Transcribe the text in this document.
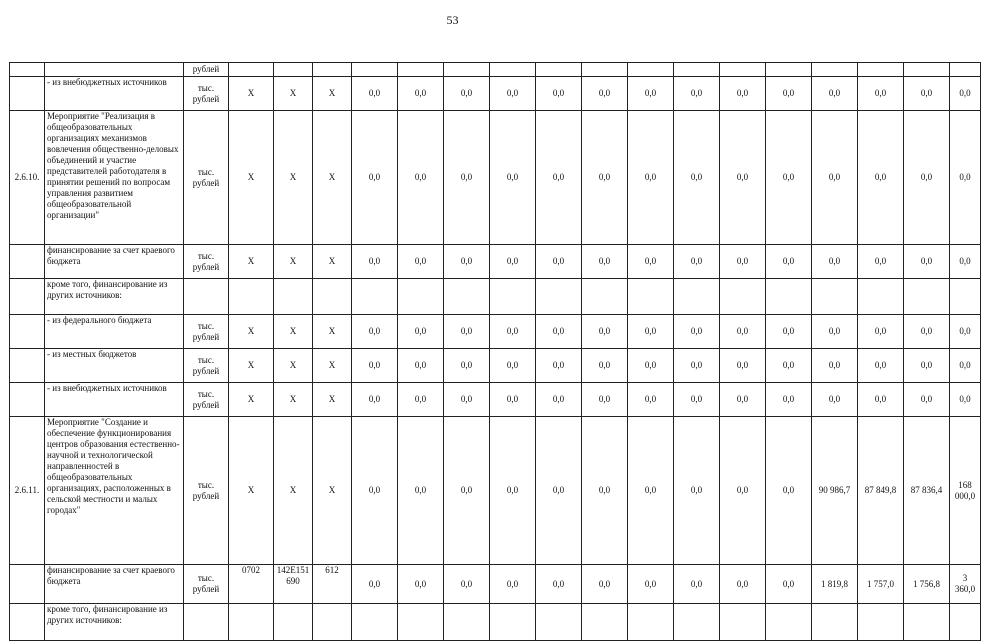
53
		рублей																		
	- из внебюджетных источников	тыс. рублей	X	X	X	0,0	0,0	0,0	0,0	0,0	0,0	0,0	0,0	0,0	0,0	0,0	0,0	0,0	0,0	
2.6.10.	Мероприятие "Реализация в общеобразовательных организациях механизмов вовлечения общественно-деловых объединений и участие представителей работодателя в принятии решений по вопросам управления развитием общеобразовательной организации"	тыс. рублей	X	X	X	0,0	0,0	0,0	0,0	0,0	0,0	0,0	0,0	0,0	0,0	0,0	0,0	0,0	0,0	
	финансирование за счет краевого бюджета	тыс. рублей	X	X	X	0,0	0,0	0,0	0,0	0,0	0,0	0,0	0,0	0,0	0,0	0,0	0,0	0,0	0,0	
	кроме того, финансирование из других источников:																			
	- из федерального бюджета	тыс. рублей	X	X	X	0,0	0,0	0,0	0,0	0,0	0,0	0,0	0,0	0,0	0,0	0,0	0,0	0,0	0,0	
	- из местных бюджетов	тыс. рублей	X	X	X	0,0	0,0	0,0	0,0	0,0	0,0	0,0	0,0	0,0	0,0	0,0	0,0	0,0	0,0	
	- из внебюджетных источников	тыс. рублей	X	X	X	0,0	0,0	0,0	0,0	0,0	0,0	0,0	0,0	0,0	0,0	0,0	0,0	0,0	0,0	
2.6.11.	Мероприятие "Создание и обеспечение функционирования центров образования естественно-научной и технологической направленностей в общеобразовательных организациях, расположенных в сельской местности и малых городах"	тыс. рублей	X	X	X	0,0	0,0	0,0	0,0	0,0	0,0	0,0	0,0	0,0	0,0	90 986,7	87 849,8	87 836,4	168 000,0	
	финансирование за счет краевого бюджета	тыс. рублей	0702	142E151690	612	0,0	0,0	0,0	0,0	0,0	0,0	0,0	0,0	0,0	0,0	1 819,8	1 757,0	1 756,8	3 360,0	
	кроме того, финансирование из других источников:																			
